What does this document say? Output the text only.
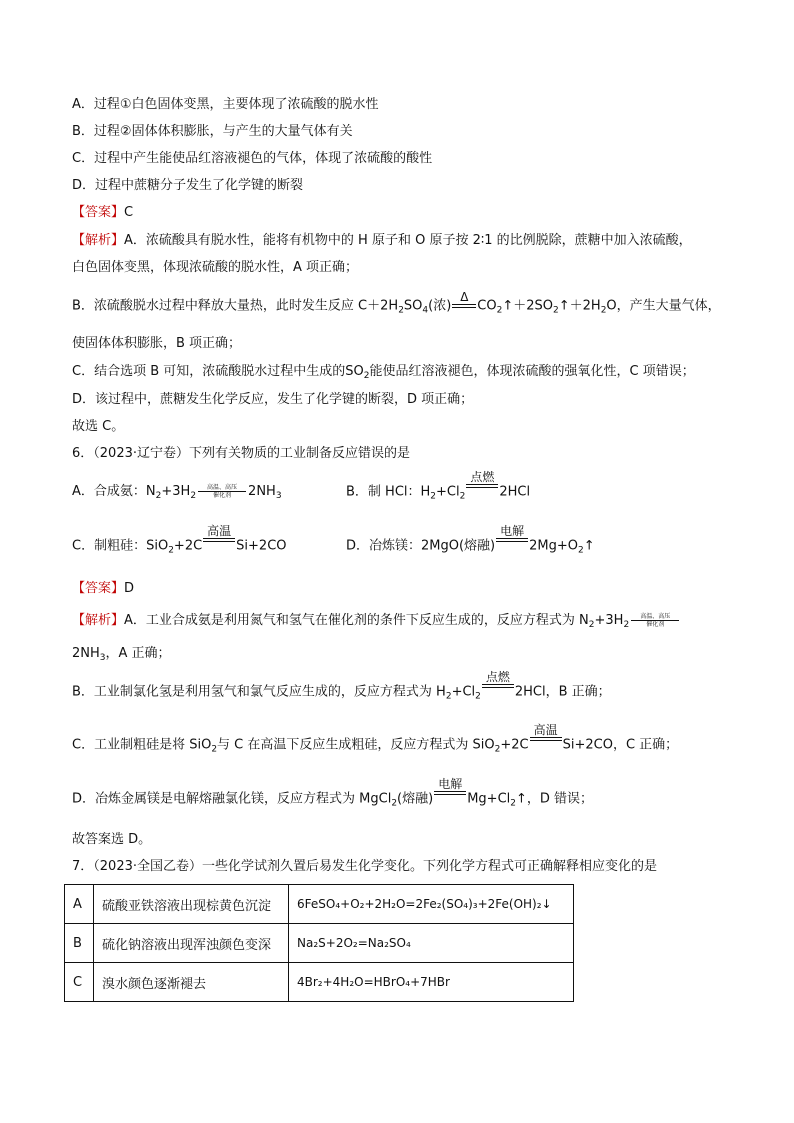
A．过程①白色固体变黑，主要体现了浓硫酸的脱水性
B．过程②固体体积膨胀，与产生的大量气体有关
C．过程中产生能使品红溶液褪色的气体，体现了浓硫酸的酸性
D．过程中蔗糖分子发生了化学键的断裂
【答案】C
【解析】A．浓硫酸具有脱水性，能将有机物中的 H 原子和 O 原子按 2∶1 的比例脱除，蔗糖中加入浓硫酸，
白色固体变黑，体现浓硫酸的脱水性，A 项正确；
B．浓硫酸脱水过程中释放大量热，此时发生反应 $C+2H_2SO_4$(浓)
Δ
$CO_2↑+2SO_2↑+2H_2O$，产生大量气体，
使固体体积膨胀，B 项正确；
C．结合选项 B 可知，浓硫酸脱水过程中生成的$SO_2$能使品红溶液褪色，体现浓硫酸的强氧化性，C 项错误；
D．该过程中，蔗糖发生化学反应，发生了化学键的断裂，D 项正确；
故选 C。
6．（2023·辽宁卷）下列有关物质的工业制备反应错误的是
A．合成氨：$N_2+3H_2$
高温、高压
催化剂	$2NH_3$	B．制 HCl：$H_2+Cl_2$
点燃
2HCl
C．制粗硅：SiO$_2$+2C
高温
Si+2CO	D．冶炼镁：2MgO(熔融)
电解
$2Mg+O_2↑$
【答案】D
【解析】A．工业合成氨是利用氮气和氢气在催化剂的条件下反应生成的，反应方程式为 $N_2+3H_2$
高温、高压
催化剂
$2NH_3$，A 正确；
B．工业制氯化氢是利用氢气和氯气反应生成的，反应方程式为 $H_2+Cl_2$
点燃
2HCl，B 正确；
C．工业制粗硅是将 SiO$_2$与 C 在高温下反应生成粗硅，反应方程式为 SiO$_2$+2C
高温
Si+2CO，C 正确；
D．冶炼金属镁是电解熔融氯化镁，反应方程式为 MgCl$_2$(熔融)
电解
$Mg+Cl_2↑$，D 错误；
故答案选 D。
7．（2023·全国乙卷）一些化学试剂久置后易发生化学变化。下列化学方程式可正确解释相应变化的是
A	硫酸亚铁溶液出现棕黄色沉淀	6FeSO₄+O₂+2H₂O=2Fe₂(SO₄)₃+2Fe(OH)₂↓
B	硫化钠溶液出现浑浊颜色变深	Na₂S+2O₂=Na₂SO₄
C	溴水颜色逐渐褪去	4Br₂+4H₂O=HBrO₄+7HBr
